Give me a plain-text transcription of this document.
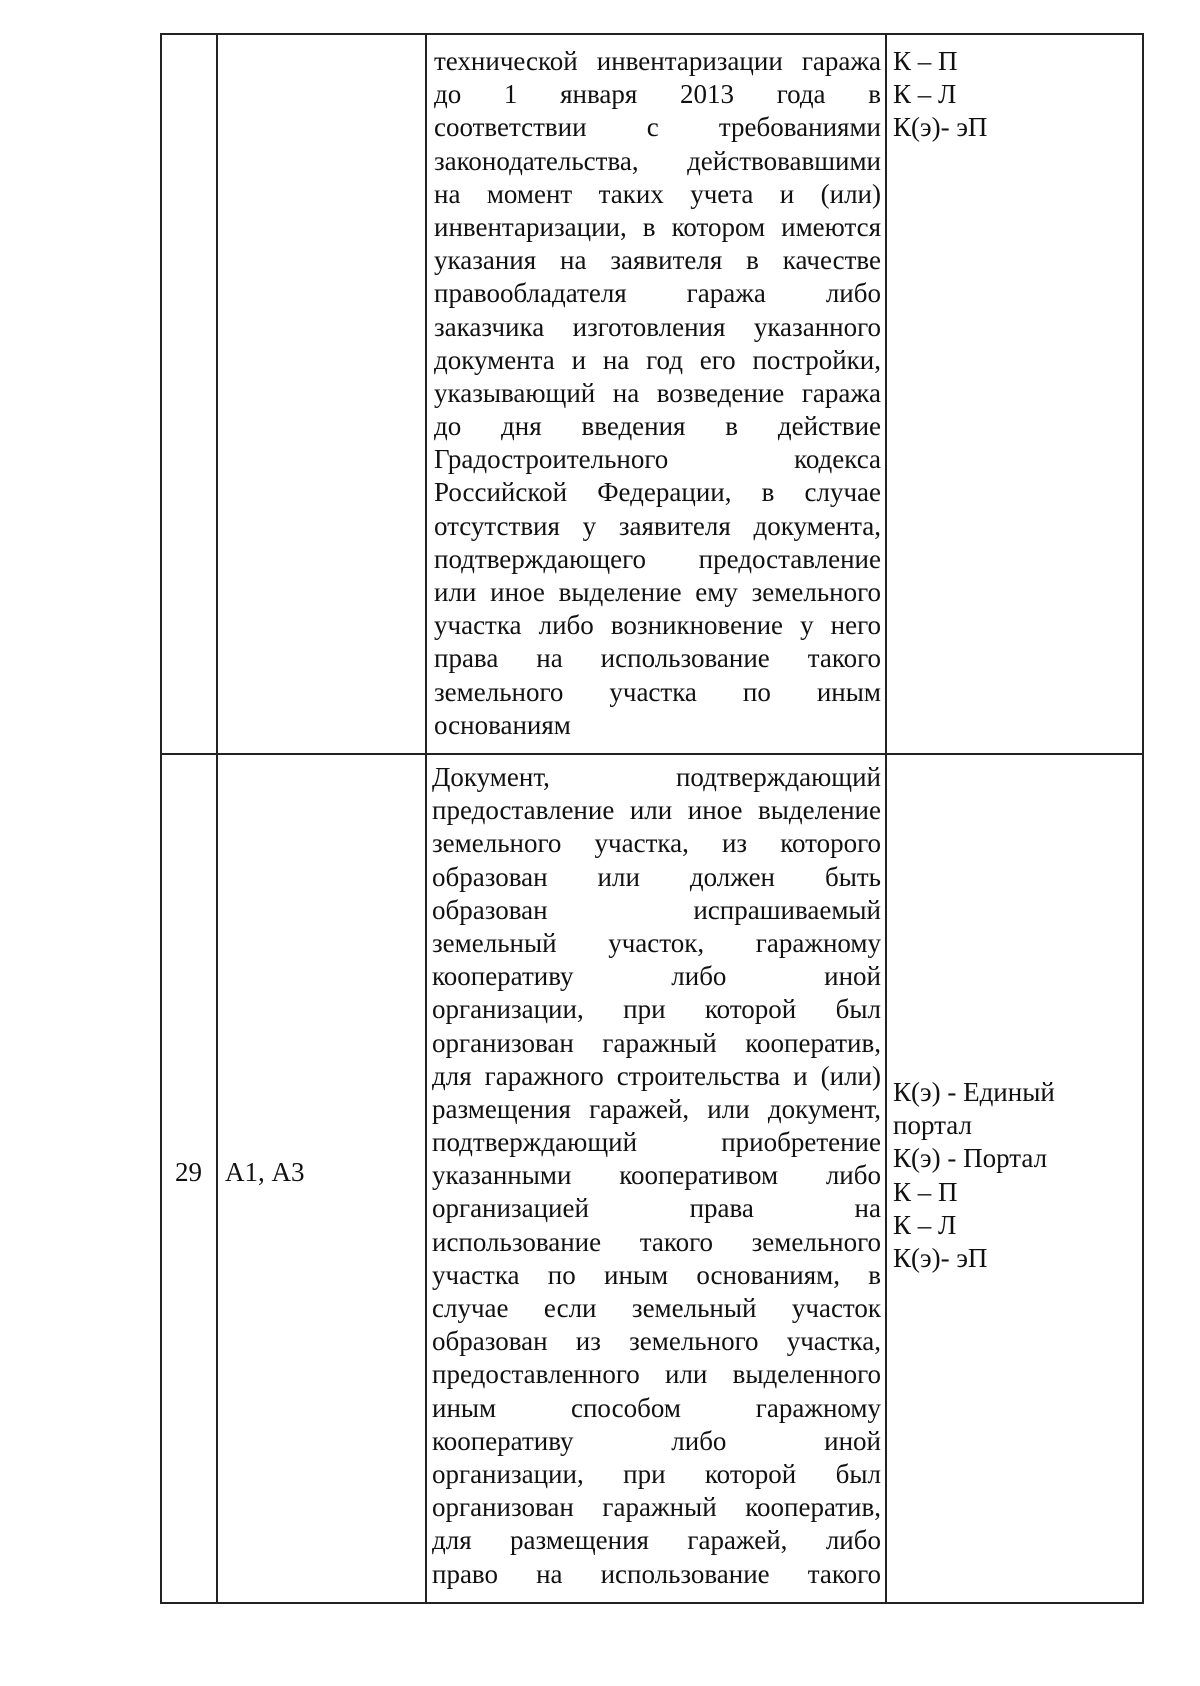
технической инвентаризации гаража
до 1 января 2013 года в
соответствии с требованиями
законодательства, действовавшими
на момент таких учета и (или)
инвентаризации, в котором имеются
указания на заявителя в качестве
правообладателя гаража либо
заказчика изготовления указанного
документа и на год его постройки,
указывающий на возведение гаража
до дня введения в действие
Градостроительного кодекса
Российской Федерации, в случае
отсутствия у заявителя документа,
подтверждающего предоставление
или иное выделение ему земельного
участка либо возникновение у него
права на использование такого
земельного участка по иным
основаниям
К – П
К – Л
К(э)- эП
29 А1, А3
Документ, подтверждающий
предоставление или иное выделение
земельного участка, из которого
образован или должен быть
образован испрашиваемый
земельный участок, гаражному
кооперативу либо иной
организации, при которой был
организован гаражный кооператив,
для гаражного строительства и (или)
размещения гаражей, или документ,
подтверждающий приобретение
указанными кооперативом либо
организацией права на
использование такого земельного
участка по иным основаниям, в
случае если земельный участок
образован из земельного участка,
предоставленного или выделенного
иным способом гаражному
кооперативу либо иной
организации, при которой был
организован гаражный кооператив,
для размещения гаражей, либо
право на использование такого
К(э) - Единый
портал
К(э) - Портал
К – П
К – Л
К(э)- эП
